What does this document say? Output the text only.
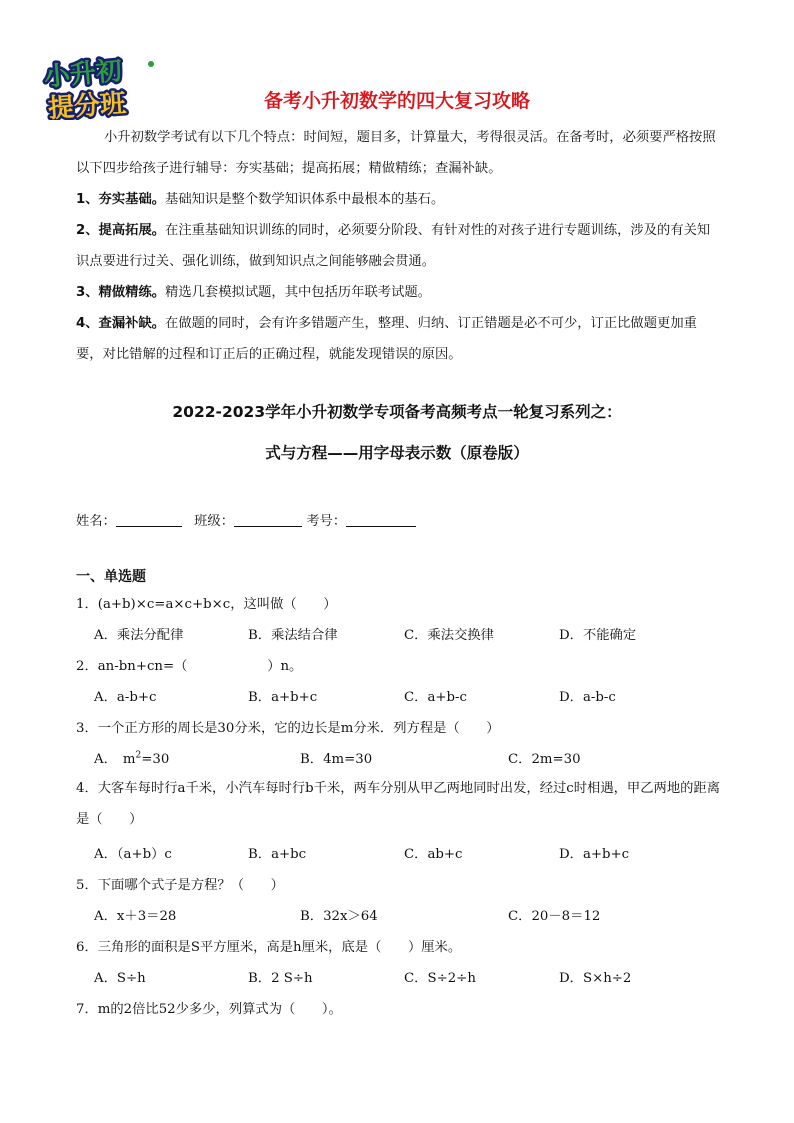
小升初
提分班	备考小升初数学的四大复习攻略

小升初数学考试有以下几个特点：时间短，题目多，计算量大，考得很灵活。在备考时，必须要严格按照以下四步给孩子进行辅导：夯实基础；提高拓展；精做精练；查漏补缺。

1、夯实基础。基础知识是整个数学知识体系中最根本的基石。

2、提高拓展。在注重基础知识训练的同时，必须要分阶段、有针对性的对孩子进行专题训练，涉及的有关知识点要进行过关、强化训练，做到知识点之间能够融会贯通。

3、精做精练。精选几套模拟试题，其中包括历年联考试题。

4、查漏补缺。在做题的同时，会有许多错题产生，整理、归纳、订正错题是必不可少，订正比做题更加重要，对比错解的过程和订正后的正确过程，就能发现错误的原因。

2022-2023学年小升初数学专项备考高频考点一轮复习系列之：
式与方程——用字母表示数（原卷版）
姓名：	班级：	考号：
一、单选题
1．(a+b)×c=a×c+b×c，这叫做（　　）
A．乘法分配律	B．乘法结合律	C．乘法交换律	D．不能确定
2．an-bn+cn=（　　　　　　）n。
A．a-b+c	B．a+b+c	C．a+b-c	D．a-b-c
3．一个正方形的周长是30分米，它的边长是m分米．列方程是（　　）
A． $m^2=30$	B．4m=30	C．2m=30
4．大客车每时行a千米，小汽车每时行b千米，两车分别从甲乙两地同时出发，经过c时相遇，甲乙两地的距离是（　　）
A．（a+b）c	B．a+bc	C．ab+c	D．a+b+c
5．下面哪个式子是方程？（　　）
A．x＋3＝28	B．32x＞64	C．20－8＝12
6．三角形的面积是S平方厘米，高是h厘米，底是（　　）厘米。
A．S÷h	B．2 S÷h	C．S÷2÷h	D．S×h÷2
7．m的2倍比52少多少，列算式为（　　）。
